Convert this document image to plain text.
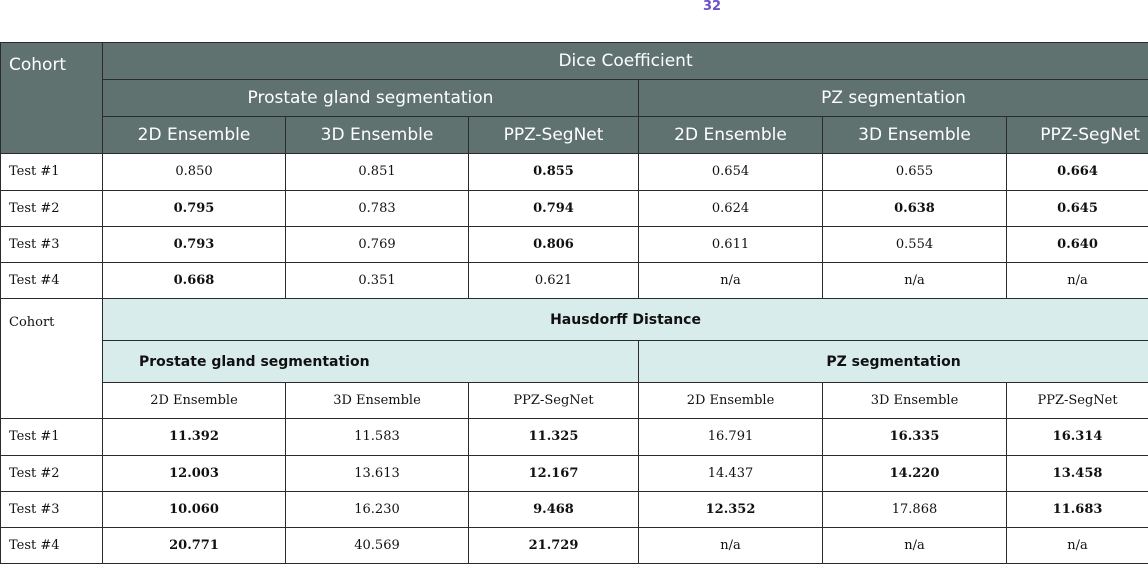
32
Cohort	Dice Coefficient					
	Prostate gland segmentation			PZ segmentation		
	2D Ensemble	3D Ensemble	PPZ-SegNet	2D Ensemble	3D Ensemble	PPZ-SegNet
Test #1	0.850	0.851	0.855	0.654	0.655	0.664
Test #2	0.795	0.783	0.794	0.624	0.638	0.645
Test #3	0.793	0.769	0.806	0.611	0.554	0.640
Test #4	0.668	0.351	0.621	n/a	n/a	n/a
Cohort	Hausdorff Distance					
	Prostate gland segmentation			PZ segmentation		
	2D Ensemble	3D Ensemble	PPZ-SegNet	2D Ensemble	3D Ensemble	PPZ-SegNet
Test #1	11.392	11.583	11.325	16.791	16.335	16.314
Test #2	12.003	13.613	12.167	14.437	14.220	13.458
Test #3	10.060	16.230	9.468	12.352	17.868	11.683
Test #4	20.771	40.569	21.729	n/a	n/a	n/a
